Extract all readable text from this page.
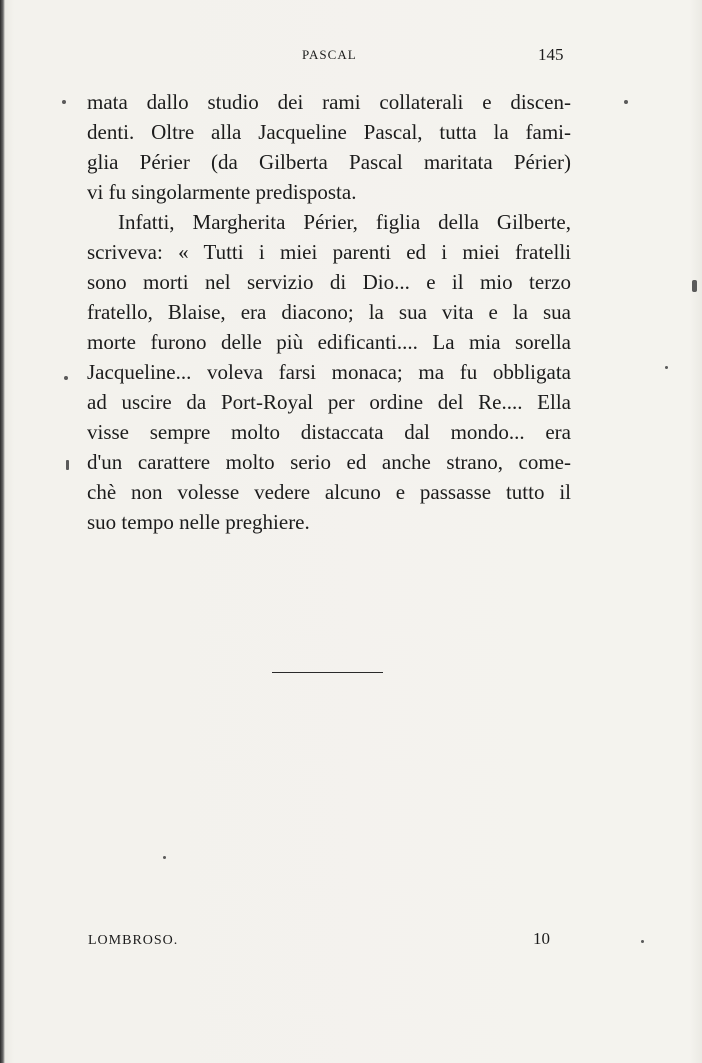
PASCAL	145
mata dallo studio dei rami collaterali e discen-
denti. Oltre alla Jacqueline Pascal, tutta la fami-
glia Périer (da Gilberta Pascal maritata Périer)
vi fu singolarmente predisposta.
Infatti, Margherita Périer, figlia della Gilberte,
scriveva: « Tutti i miei parenti ed i miei fratelli
sono morti nel servizio di Dio... e il mio terzo
fratello, Blaise, era diacono; la sua vita e la sua
morte furono delle più edificanti.... La mia sorella
Jacqueline... voleva farsi monaca; ma fu obbligata
ad uscire da Port-Royal per ordine del Re.... Ella
visse sempre molto distaccata dal mondo... era
d'un carattere molto serio ed anche strano, come-
chè non volesse vedere alcuno e passasse tutto il
suo tempo nelle preghiere.
LOMBROSO.	10
